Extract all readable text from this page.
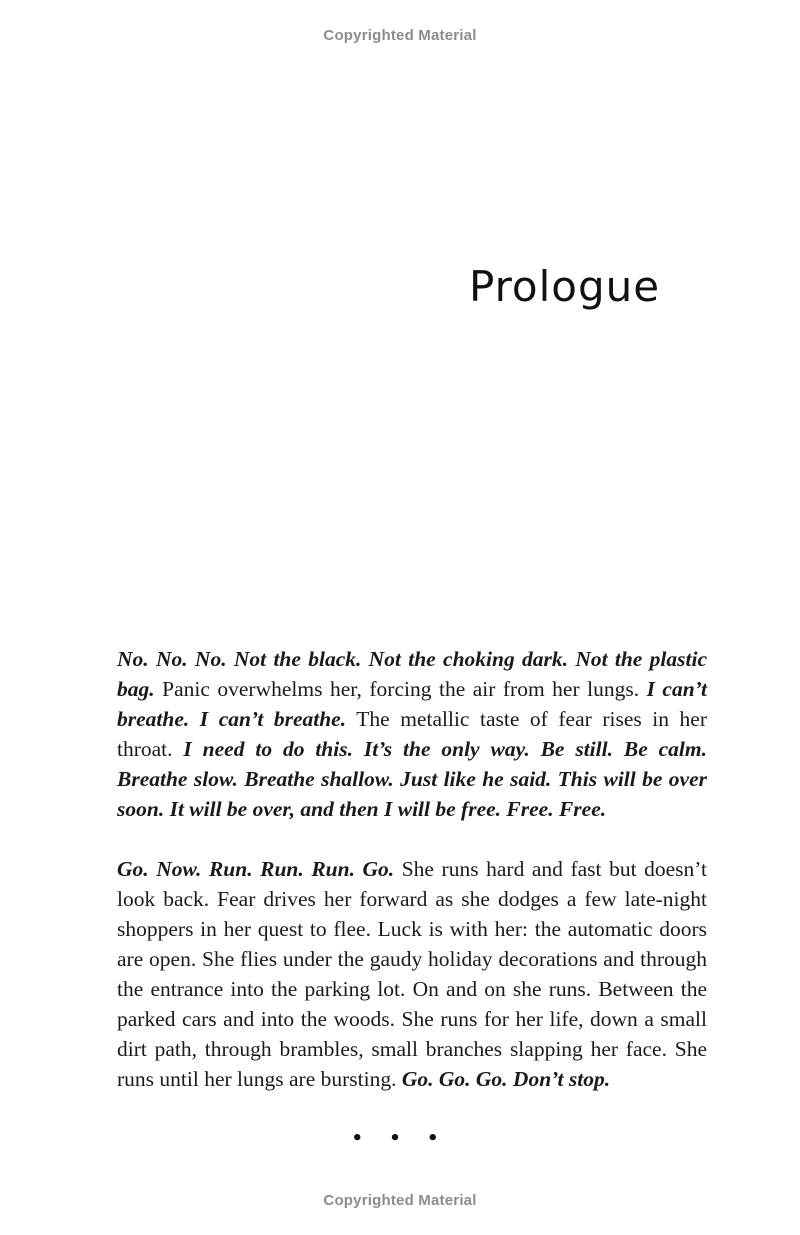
Copyrighted Material
Prologue

No. No. No. Not the black. Not the choking dark. Not the plastic bag. Panic overwhelms her, forcing the air from her lungs. I can’t breathe. I can’t breathe. The metallic taste of fear rises in her throat. I need to do this. It’s the only way. Be still. Be calm. Breathe slow. Breathe shallow. Just like he said. This will be over soon. It will be over, and then I will be free. Free. Free.

Go. Now. Run. Run. Run. Go. She runs hard and fast but doesn’t look back. Fear drives her forward as she dodges a few late-night shoppers in her quest to flee. Luck is with her: the automatic doors are open. She flies under the gaudy holiday decorations and through the entrance into the parking lot. On and on she runs. Between the parked cars and into the woods. She runs for her life, down a small dirt path, through brambles, small branches slapping her face. She runs until her lungs are bursting. Go. Go. Go. Don’t stop.

• • •
Copyrighted Material
